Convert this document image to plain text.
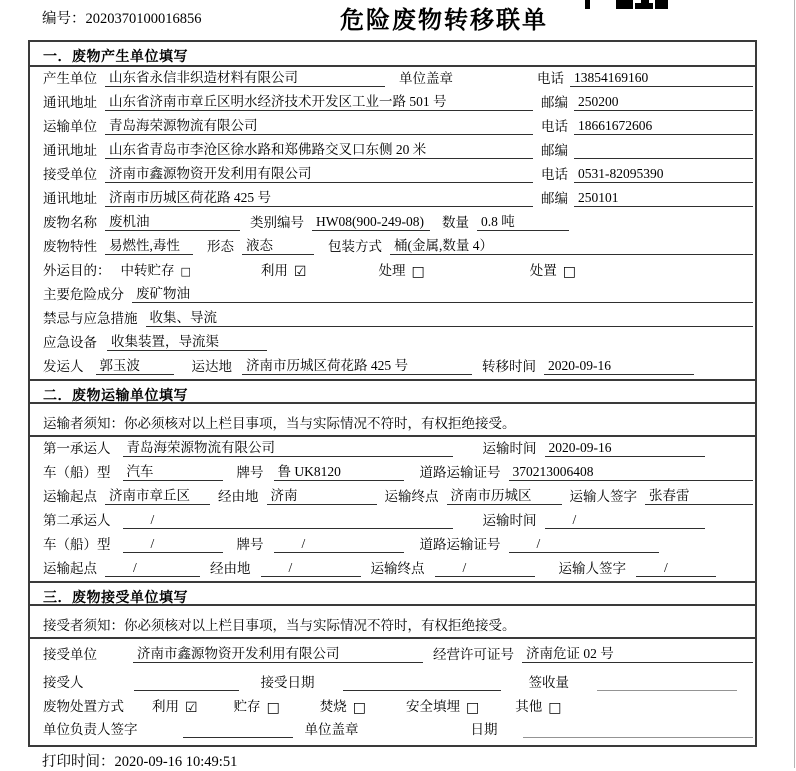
编号：2020370100016856	危险废物转移联单
一．废物产生单位填写
产生单位 山东省永信非织造材料有限公司	单位盖章	电话 13854169160
通讯地址 山东省济南市章丘区明水经济技术开发区工业一路 501 号	邮编 250200
运输单位 青岛海荣源物流有限公司	电话 18661672606
通讯地址 山东省青岛市李沧区徐水路和郑佛路交叉口东侧 20 米	邮编
接受单位 济南市鑫源物资开发利用有限公司	电话 0531-82095390
通讯地址 济南市历城区荷花路 425 号	邮编 250101
废物名称 废机油	类别编号 HW08(900-249-08)	数量 0.8 吨
废物特性 易燃性,毒性	形态 液态	包装方式 桶(金属,数量 4）
外运目的： 中转贮存 □	利用 ☑	处理 □	处置 □
主要危险成分 废矿物油
禁忌与应急措施 收集、导流
应急设备 收集装置，导流渠
发运人 郭玉波	运达地 济南市历城区荷花路 425 号	转移时间 2020-09-16
二．废物运输单位填写
运输者须知：你必须核对以上栏目事项，当与实际情况不符时，有权拒绝接受。
第一承运人 青岛海荣源物流有限公司	运输时间 2020-09-16
车（船）型 汽车	牌号 鲁 UK8120	道路运输证号 370213006408
运输起点 济南市章丘区	经由地 济南	运输终点 济南市历城区	运输人签字 张春雷
第二承运人	/	运输时间	/
车（船）型	/	牌号	/	道路运输证号	/
运输起点	/	经由地	/	运输终点	/	运输人签字	/
三．废物接受单位填写
接受者须知：你必须核对以上栏目事项，当与实际情况不符时，有权拒绝接受。
接受单位	济南市鑫源物资开发利用有限公司	经营许可证号 济南危证 02 号
接受人	接受日期	签收量
废物处置方式 利用 ☑	贮存 □	焚烧 □	安全填埋 □	其他 □
单位负责人签字	单位盖章	日期
打印时间：2020-09-16 10:49:51
